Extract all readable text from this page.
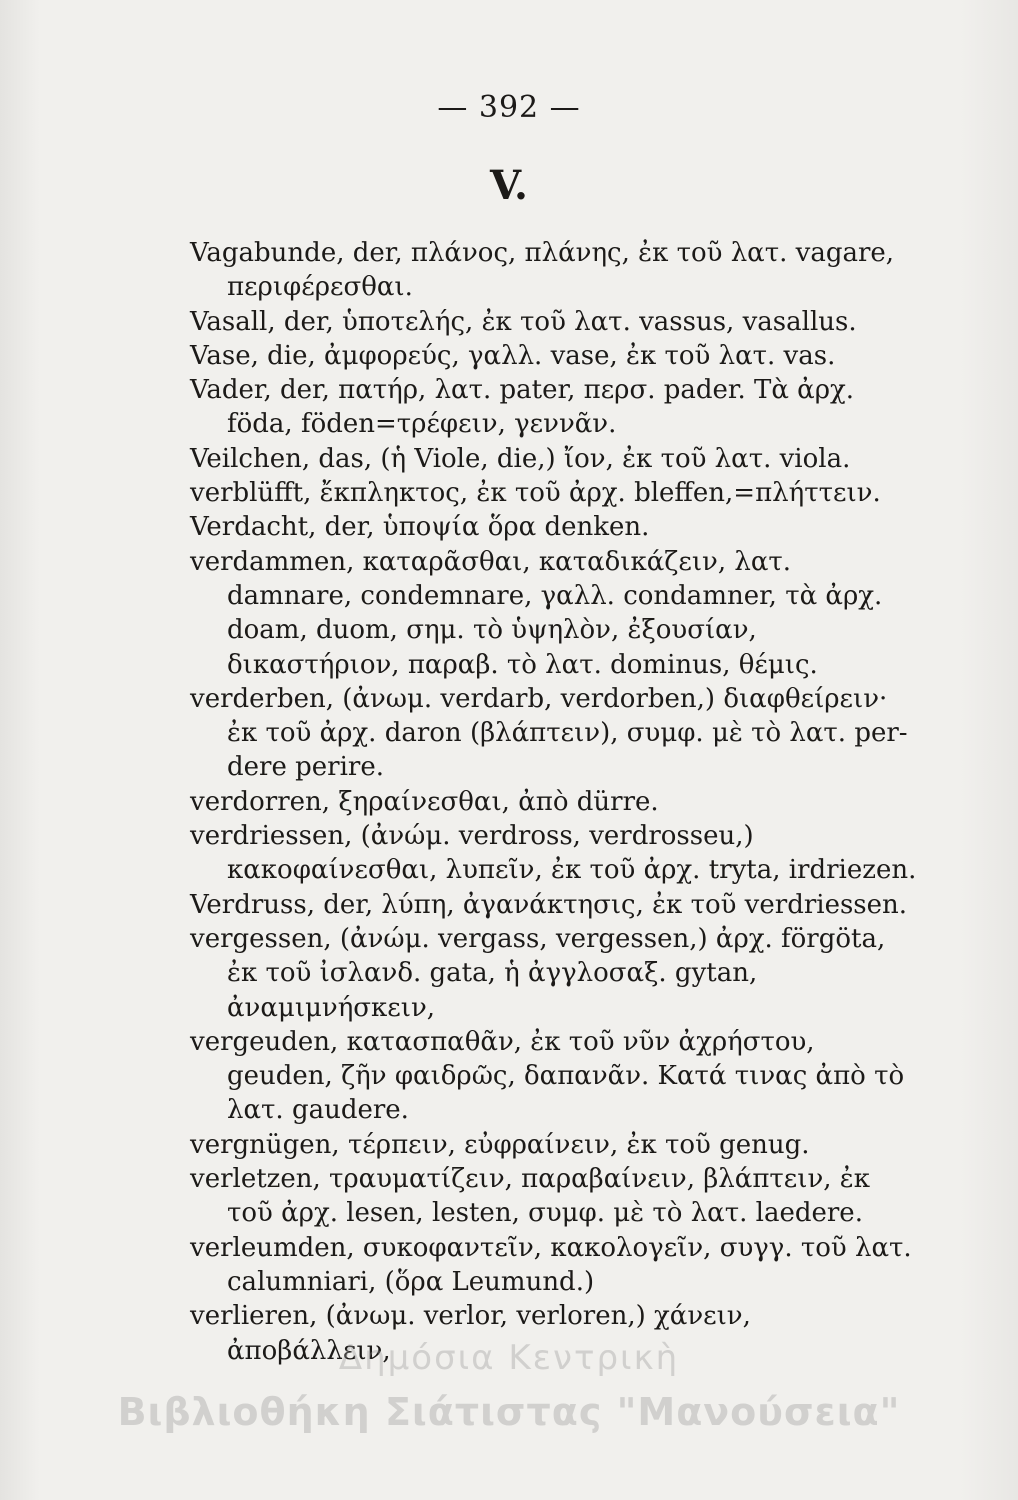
— 392 —
V.
Vagabunde, der, πλάνος, πλάνης, ἐκ τοῦ λατ. vagare, περιφέρεσθαι.
Vasall, der, ὑποτελής, ἐκ τοῦ λατ. vassus, vasallus.
Vase, die, ἀμφορεύς, γαλλ. vase, ἐκ τοῦ λατ. vas.
Vader, der, πατήρ, λατ. pater, περσ. pader. Τὰ ἀρχ. föda, föden=τρέφειν, γεννᾶν.
Veilchen, das, (ἡ Viole, die,) ἴον, ἐκ τοῦ λατ. viola.
verblüfft, ἔκπληκτος, ἐκ τοῦ ἀρχ. bleffen,=πλήττειν.
Verdacht, der, ὑποψία ὅρα denken.
verdammen, καταρᾶσθαι, καταδικάζειν, λατ. damnare, condemnare, γαλλ. condamner, τὰ ἀρχ. doam, duom, σημ. τὸ ὑψηλὸν, ἐξουσίαν, δικαστήριον, παραβ. τὸ λατ. dominus, θέμις.
verderben, (ἀνωμ. verdarb, verdorben,) διαφθείρειν· ἐκ τοῦ ἀρχ. daron (βλάπτειν), συμφ. μὲ τὸ λατ. per-dere perire.
verdorren, ξηραίνεσθαι, ἀπὸ dürre.
verdriessen, (ἀνώμ. verdross, verdrosseu,) κακοφαίνεσθαι, λυπεῖν, ἐκ τοῦ ἀρχ. tryta, irdriezen.
Verdruss, der, λύπη, ἀγανάκτησις, ἐκ τοῦ verdriessen.
vergessen, (ἀνώμ. vergass, vergessen,) ἀρχ. förgöta, ἐκ τοῦ ἰσλανδ. gata, ἡ ἀγγλοσαξ. gytan, ἀναμιμνήσκειν,
vergeuden, κατασπαθᾶν, ἐκ τοῦ νῦν ἀχρήστου, geuden, ζῆν φαιδρῶς, δαπανᾶν. Κατά τινας ἀπὸ τὸ λατ. gaudere.
vergnügen, τέρπειν, εὐφραίνειν, ἐκ τοῦ genug.
verletzen, τραυματίζειν, παραβαίνειν, βλάπτειν, ἐκ τοῦ ἀρχ. lesen, lesten, συμφ. μὲ τὸ λατ. laedere.
verleumden, συκοφαντεῖν, κακολογεῖν, συγγ. τοῦ λατ. calumniari, (ὅρα Leumund.)
verlieren, (ἀνωμ. verlor, verloren,) χάνειν, ἀποβάλλειν,
Δημόσια Κεντρικὴ
Βιβλιοθήκη Σιάτιστας "Μανούσεια"
